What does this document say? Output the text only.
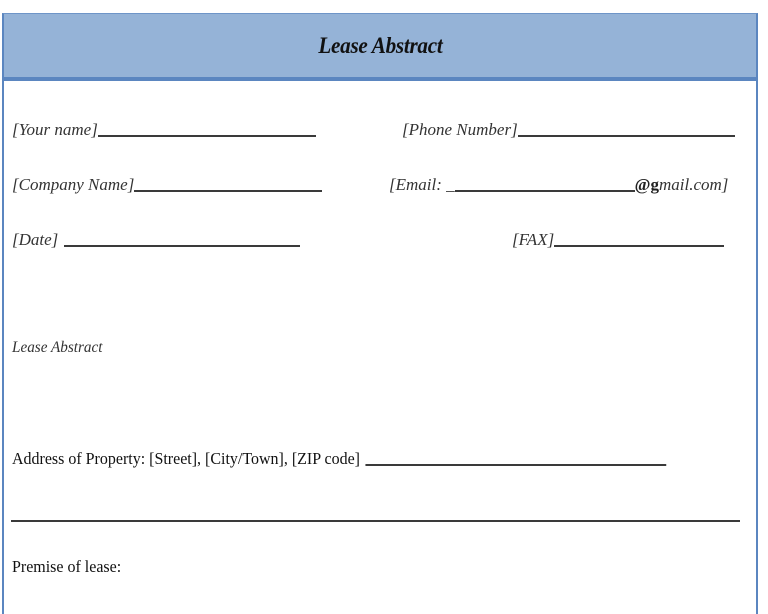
Lease Abstract
[Your name]	[Phone Number]
[Company Name]	[Email: _	@g mail.com]
[Date]	[FAX]
Lease Abstract
Address of Property: [Street], [City/Town], [ZIP code]
Premise of lease:
